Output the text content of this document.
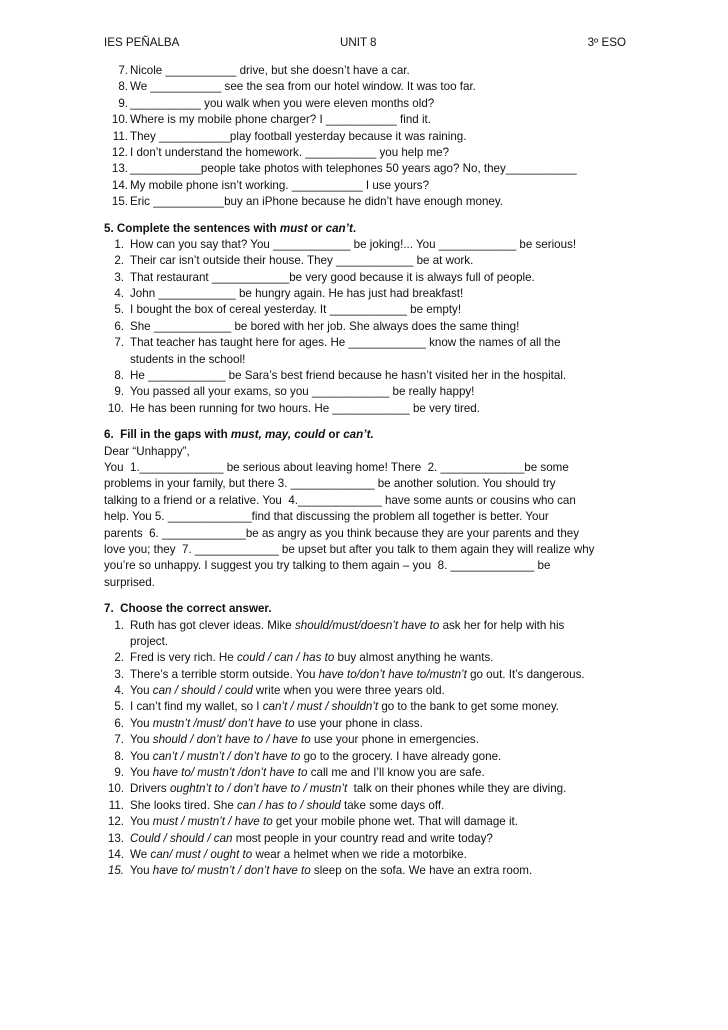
IES PEÑALBA	UNIT 8	3º ESO
7. Nicole ___________ drive, but she doesn’t have a car.
8. We ___________ see the sea from our hotel window. It was too far.
9. ___________ you walk when you were eleven months old?
10. Where is my mobile phone charger? I ___________ find it.
11. They ___________play football yesterday because it was raining.
12. I don’t understand the homework. ___________ you help me?
13. ___________people take photos with telephones 50 years ago? No, they___________
14. My mobile phone isn’t working. ___________ I use yours?
15. Eric ___________buy an iPhone because he didn’t have enough money.
5. Complete the sentences with must or can’t.
1. How can you say that? You ____________ be joking!... You ____________ be serious!
2. Their car isn’t outside their house. They ____________ be at work.
3. That restaurant ____________be very good because it is always full of people.
4. John ____________ be hungry again. He has just had breakfast!
5. I bought the box of cereal yesterday. It ____________ be empty!
6. She ____________ be bored with her job. She always does the same thing!
7. That teacher has taught here for ages. He ____________ know the names of all the
students in the school!
8. He ____________ be Sara’s best friend because he hasn’t visited her in the hospital.
9. You passed all your exams, so you ____________ be really happy!
10. He has been running for two hours. He ____________ be very tired.
6.  Fill in the gaps with must, may, could or can’t.
Dear “Unhappy”,
You  1._____________ be serious about leaving home! There  2. _____________be some
problems in your family, but there 3. _____________ be another solution. You should try
talking to a friend or a relative. You  4._____________ have some aunts or cousins who can
help. You 5. _____________find that discussing the problem all together is better. Your
parents  6. _____________be as angry as you think because they are your parents and they
love you; they  7. _____________ be upset but after you talk to them again they will realize why
you’re so unhappy. I suggest you try talking to them again – you  8. _____________ be
surprised.
7.  Choose the correct answer.
1. Ruth has got clever ideas. Mike should/must/doesn’t have to ask her for help with his
project.
2. Fred is very rich. He could / can / has to buy almost anything he wants.
3. There’s a terrible storm outside. You have to/don’t have to/mustn’t go out. It’s dangerous.
4. You can / should / could write when you were three years old.
5. I can’t find my wallet, so I can’t / must / shouldn’t go to the bank to get some money.
6. You mustn’t /must/ don’t have to use your phone in class.
7. You should / don’t have to / have to use your phone in emergencies.
8. You can’t / mustn’t / don’t have to go to the grocery. I have already gone.
9. You have to/ mustn’t /don’t have to call me and I’ll know you are safe.
10. Drivers oughtn’t to / don’t have to / mustn’t  talk on their phones while they are diving.
11. She looks tired. She can / has to / should take some days off.
12. You must / mustn’t / have to get your mobile phone wet. That will damage it.
13. Could / should / can most people in your country read and write today?
14. We can/ must / ought to wear a helmet when we ride a motorbike.
15. You have to/ mustn’t / don’t have to sleep on the sofa. We have an extra room.
